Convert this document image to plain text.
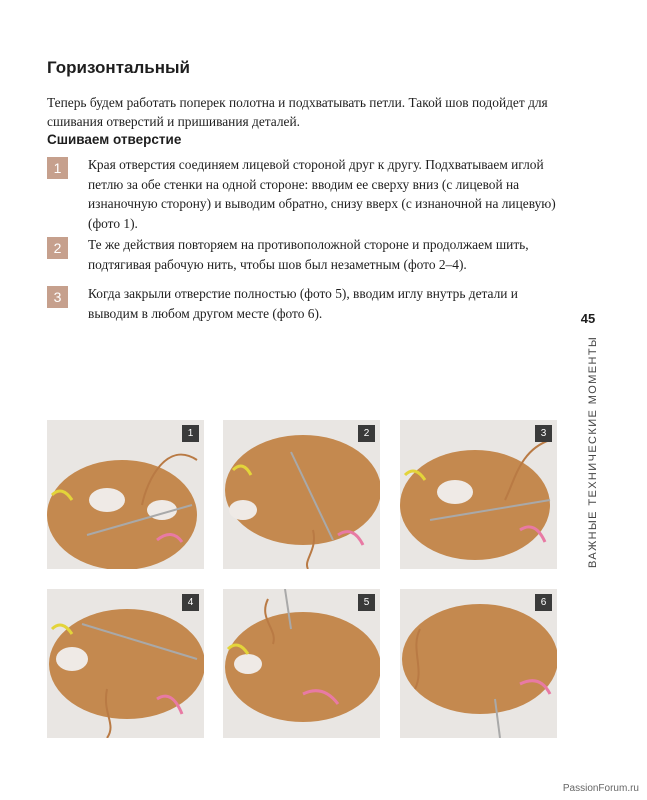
Горизонтальный

Теперь будем работать поперек полотна и подхватывать петли. Такой шов подойдет для сшивания отверстий и пришивания деталей.

Сшиваем отверстие
1	Края отверстия соединяем лицевой стороной друг к другу. Подхватываем иглой петлю за обе стенки на одной стороне: вводим ее сверху вниз (с лицевой на изнаночную сторону) и выводим обратно, снизу вверх (с изнаночной на лицевую) (фото 1).

2	Те же действия повторяем на противоположной стороне и продолжаем шить, подтягивая рабочую нить, чтобы шов был незаметным (фото 2–4).

3	Когда закрыли отверстие полностью (фото 5), вводим иглу внутрь детали и выводим в любом другом месте (фото 6).	45
ВАЖНЫЕ ТЕХНИЧЕСКИЕ МОМЕНТЫ
1	2	3
4	5	6
PassionForum.ru
